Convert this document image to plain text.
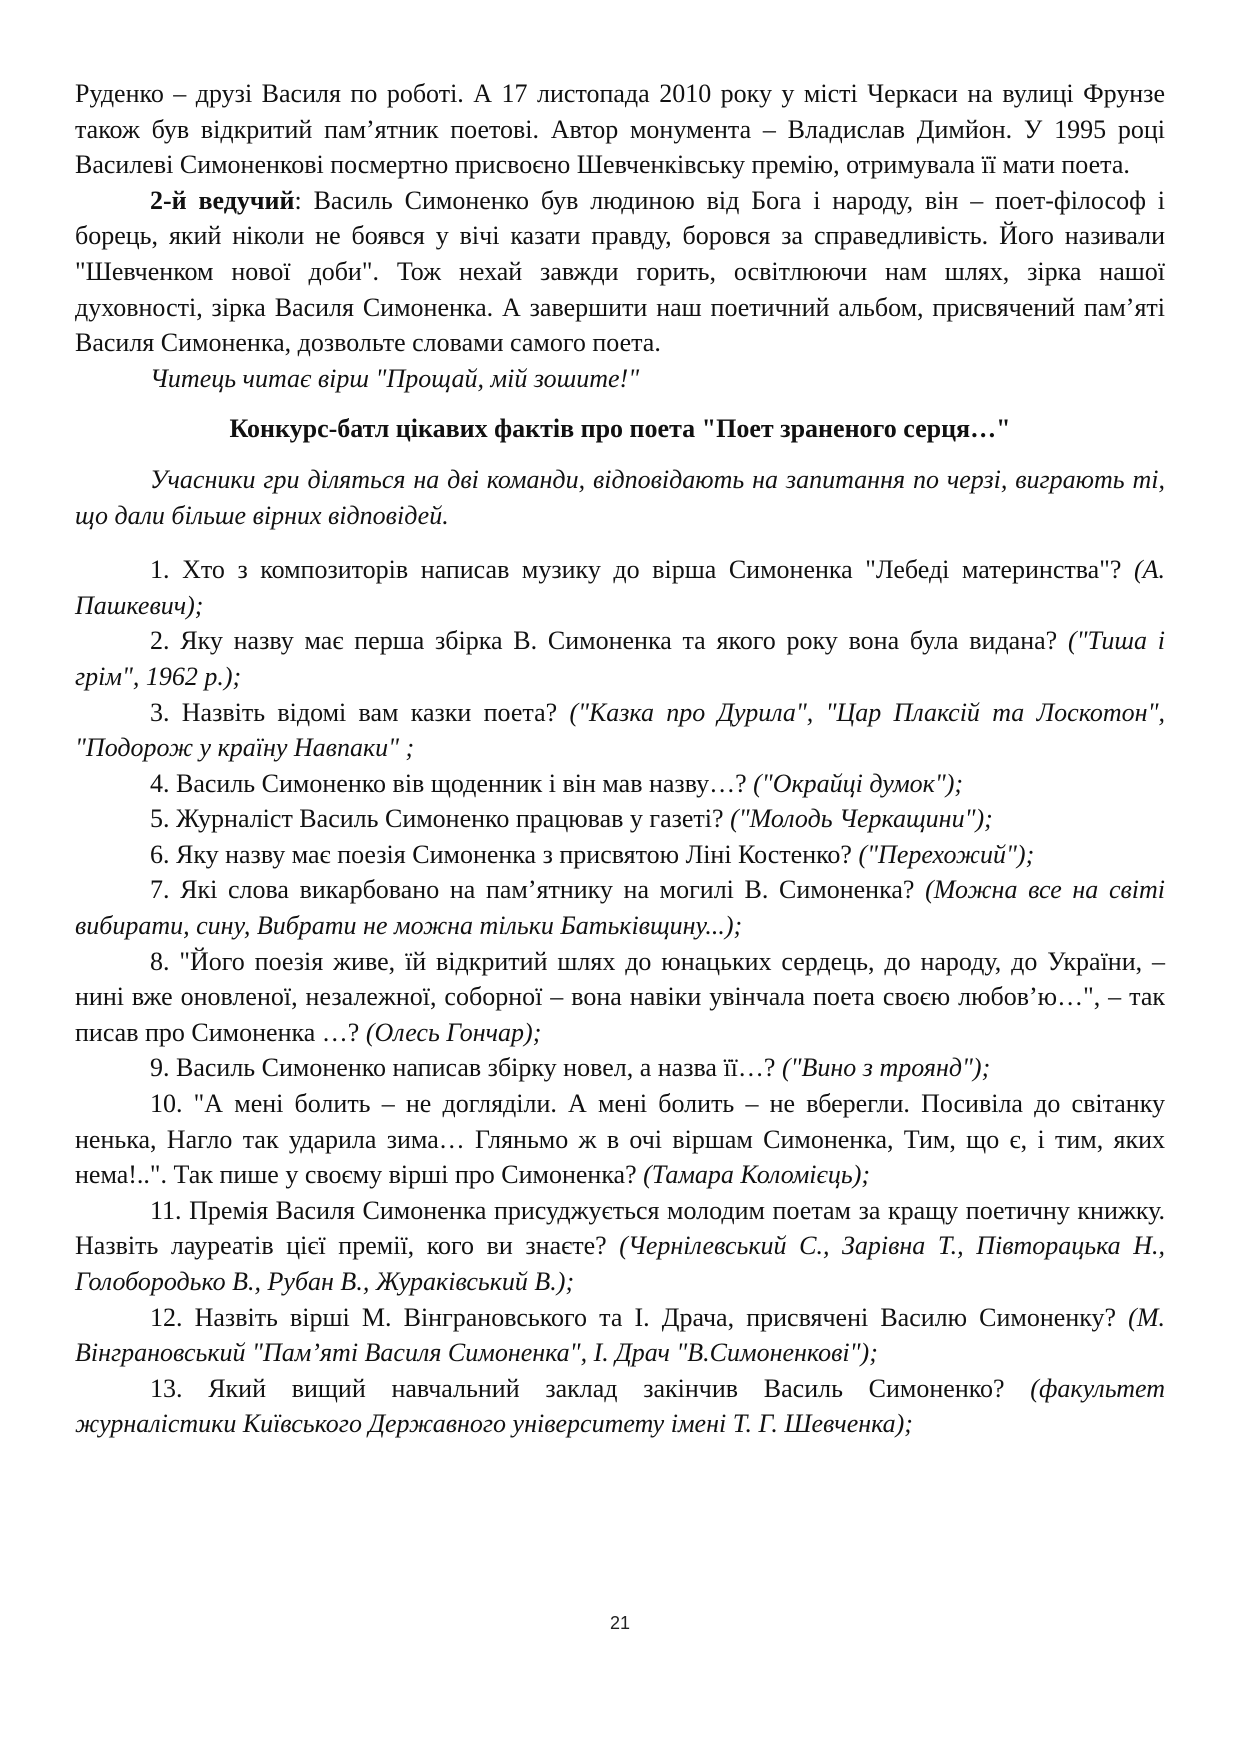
Руденко – друзі Василя по роботі. А 17 листопада 2010 року у місті Черкаси на вулиці Фрунзе також був відкритий пам’ятник поетові. Автор монумента – Владислав Димйон. У 1995 році Василеві Симоненкові посмертно присвоєно Шевченківську премію, отримувала її мати поета.

2-й ведучий: Василь Симоненко був людиною від Бога і народу, він – поет-філософ і борець, який ніколи не боявся у вічі казати правду, боровся за справедливість. Його називали "Шевченком нової доби". Тож нехай завжди горить, освітлюючи нам шлях, зірка нашої духовності, зірка Василя Симоненка. А завершити наш поетичний альбом, присвячений пам’яті Василя Симоненка, дозвольте словами самого поета.

Читець читає вірш "Прощай, мій зошите!"

Конкурс-батл цікавих фактів про поета "Поет зраненого серця…"

Учасники гри діляться на дві команди, відповідають на запитання по черзі, виграють ті, що дали більше вірних відповідей.

1. Хто з композиторів написав музику до вірша Симоненка "Лебеді материнства"? (А. Пашкевич);

2. Яку назву має перша збірка В. Симоненка та якого року вона була видана? ("Тиша і грім", 1962 р.);

3. Назвіть відомі вам казки поета? ("Казка про Дурила", "Цар Плаксій та Лоскотон", "Подорож у країну Навпаки" ;

4. Василь Симоненко вів щоденник і він мав назву…? ("Окрайці думок");

5. Журналіст Василь Симоненко працював у газеті? ("Молодь Черкащини");

6. Яку назву має поезія Симоненка з присвятою Ліні Костенко? ("Перехожий");

7. Які слова викарбовано на пам’ятнику на могилі В. Симоненка? (Можна все на світі вибирати, сину, Вибрати не можна тільки Батьківщину...);

8. "Його поезія живе, їй відкритий шлях до юнацьких сердець, до народу, до України, – нині вже оновленої, незалежної, соборної – вона навіки увінчала поета своєю любов’ю…", – так писав про Симоненка …? (Олесь Гончар);

9. Василь Симоненко написав збірку новел, а назва її…? ("Вино з троянд");

10. "А мені болить – не догляділи. А мені болить – не вберегли. Посивіла до світанку ненька, Нагло так ударила зима… Гляньмо ж в очі віршам Симоненка, Тим, що є, і тим, яких нема!..". Так пише у своєму вірші про Симоненка? (Тамара Коломієць);

11. Премія Василя Симоненка присуджується молодим поетам за кращу поетичну книжку. Назвіть лауреатів цієї премії, кого ви знаєте? (Чернілевський С., Зарівна Т., Півторацька Н., Голобородько В., Рубан В., Жураківський В.);

12. Назвіть вірші М. Вінграновського та І. Драча, присвячені Василю Симоненку? (М. Вінграновський "Пам’яті Василя Симоненка", І. Драч "В.Симоненкові");

13. Який вищий навчальний заклад закінчив Василь Симоненко? (факультет журналістики Київського Державного університету імені Т. Г. Шевченка);

21
